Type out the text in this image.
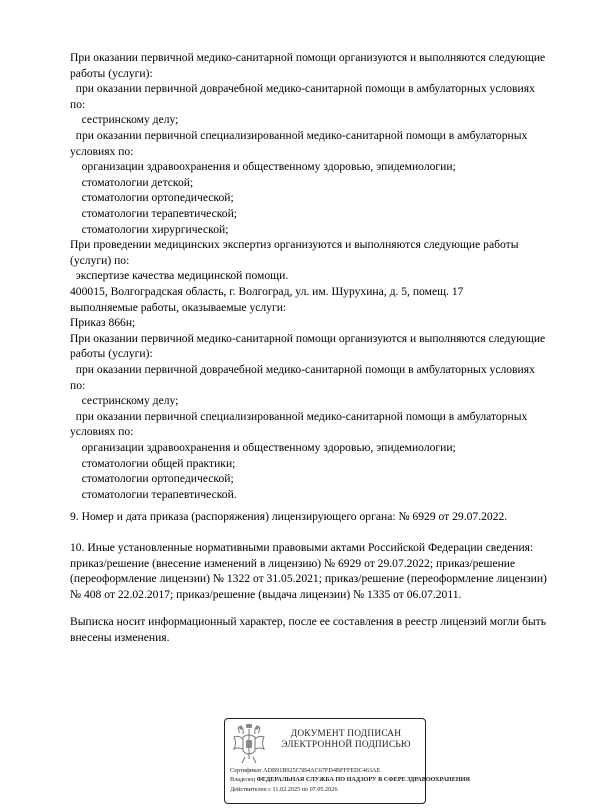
При оказании первичной медико-санитарной помощи организуются и выполняются следующие
работы (услуги):
при оказании первичной доврачебной медико-санитарной помощи в амбулаторных условиях
по:
сестринскому делу;
при оказании первичной специализированной медико-санитарной помощи в амбулаторных
условиях по:
организации здравоохранения и общественному здоровью, эпидемиологии;
стоматологии детской;
стоматологии ортопедической;
стоматологии терапевтической;
стоматологии хирургической;
При проведении медицинских экспертиз организуются и выполняются следующие работы
(услуги) по:
экспертизе качества медицинской помощи.
400015, Волгоградская область, г. Волгоград, ул. им. Шурухина, д. 5, помещ. 17
выполняемые работы, оказываемые услуги:
Приказ 866н;
При оказании первичной медико-санитарной помощи организуются и выполняются следующие
работы (услуги):
при оказании первичной доврачебной медико-санитарной помощи в амбулаторных условиях
по:
сестринскому делу;
при оказании первичной специализированной медико-санитарной помощи в амбулаторных
условиях по:
организации здравоохранения и общественному здоровью, эпидемиологии;
стоматологии общей практики;
стоматологии ортопедической;
стоматологии терапевтической.
9. Номер и дата приказа (распоряжения) лицензирующего органа: № 6929 от 29.07.2022.
10. Иные установленные нормативными правовыми актами Российской Федерации сведения:
приказ/решение (внесение изменений в лицензию) № 6929 от 29.07.2022; приказ/решение
(переоформление лицензии) № 1322 от 31.05.2021; приказ/решение (переоформление лицензии)
№ 408 от 22.02.2017; приказ/решение (выдача лицензии) № 1335 от 06.07.2011.
Выписка носит информационный характер, после ее составления в реестр лицензий могли быть
внесены изменения.
ДОКУМЕНТ ПОДПИСАН
ЭЛЕКТРОННОЙ ПОДПИСЬЮ
Сертификат ADB91B925C5B4AC67FD4BFFFEDC463AE
Владелец ФЕДЕРАЛЬНАЯ СЛУЖБА ПО НАДЗОРУ В СФЕРЕ ЗДРАВООХРАНЕНИЯ
Действителен с 11.02.2025 по 07.05.2026
